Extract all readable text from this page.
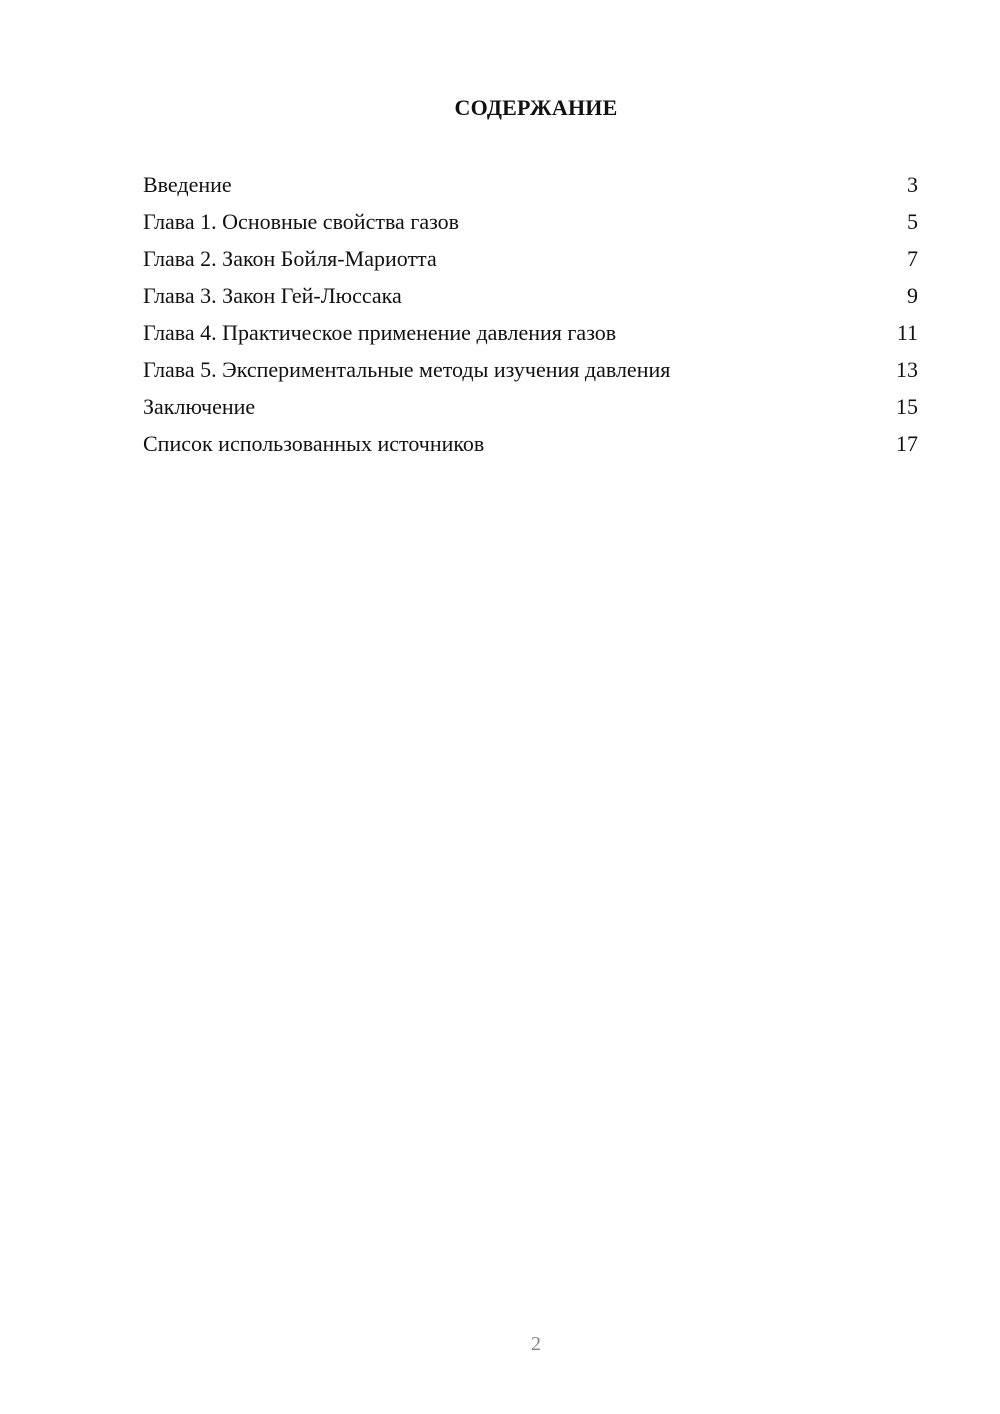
СОДЕРЖАНИЕ
Введение	3
Глава 1. Основные свойства газов	5
Глава 2. Закон Бойля-Мариотта	7
Глава 3. Закон Гей-Люссака	9
Глава 4. Практическое применение давления газов	11
Глава 5. Экспериментальные методы изучения давления	13
Заключение	15
Список использованных источников	17
2
